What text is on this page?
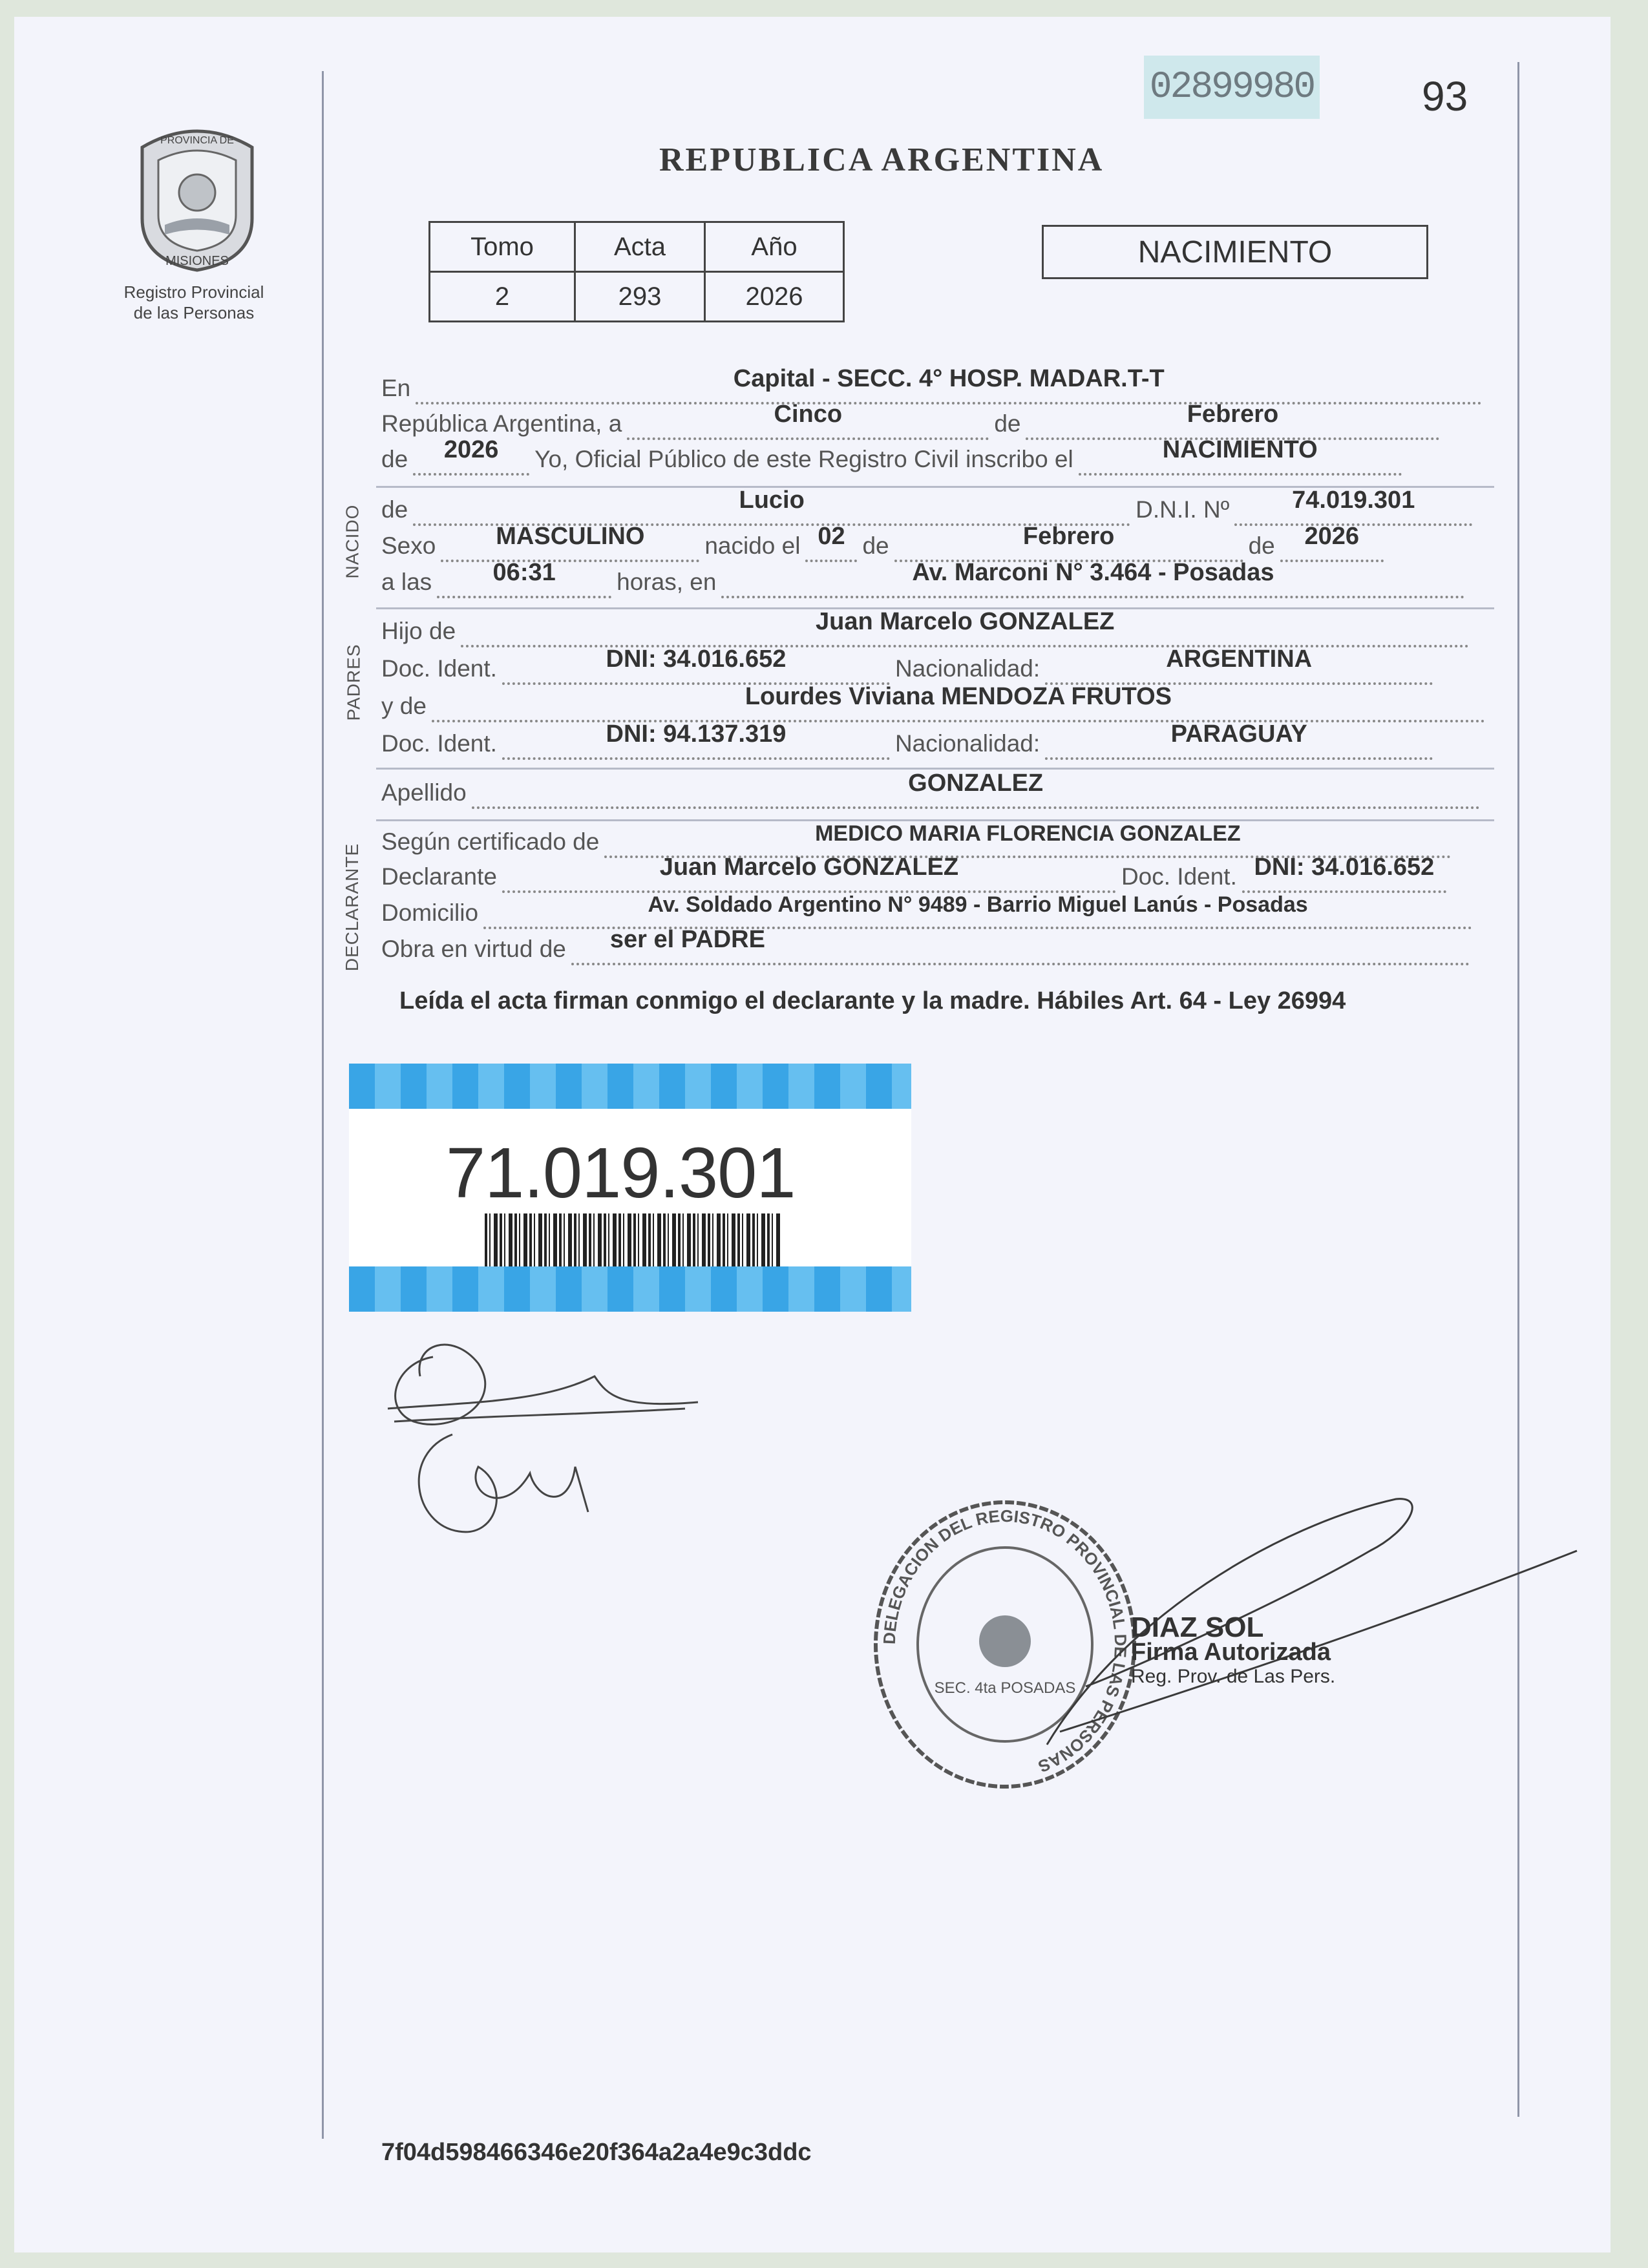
02899980	93
REPUBLICA ARGENTINA
PROVINCIA DE
MISIONES
Registro Provincial
de las Personas
Tomo	Acta	Año
2	293	2026
NACIMIENTO
En	Capital - SECC. 4° HOSP. MADAR.T-T
República Argentina, a	Cinco	de	Febrero
de	2026	Yo, Oficial Público de este Registro Civil inscribo el	NACIMIENTO
NACIDO de	Lucio	D.N.I. Nº	74.019.301
Sexo	MASCULINO	nacido el 02 de	Febrero	de	2026
a las	06:31	horas, en	Av. Marconi N° 3.464 - Posadas
PADRES
Hijo de	Juan Marcelo GONZALEZ
Doc. Ident.	DNI: 34.016.652	Nacionalidad:	ARGENTINA
y de	Lourdes Viviana MENDOZA FRUTOS
Doc. Ident.	DNI: 94.137.319	Nacionalidad:	PARAGUAY
Apellido	GONZALEZ
DECLARANTE
Según certificado de	MEDICO MARIA FLORENCIA GONZALEZ
Declarante	Juan Marcelo GONZALEZ	Doc. Ident. DNI: 34.016.652
Domicilio	Av. Soldado Argentino N° 9489 - Barrio Miguel Lanús - Posadas
Obra en virtud de ser el PADRE
Leída el acta firman conmigo el declarante y la madre. Hábiles Art. 64 - Ley 26994
71.019.301
DELEGACION DEL REGISTRO PROVINCIAL DE LAS PERSONAS
SEC. 4ta POSADAS
DIAZ SOL
Firma Autorizada
Reg. Prov. de Las Pers.
7f04d598466346e20f364a2a4e9c3ddc
